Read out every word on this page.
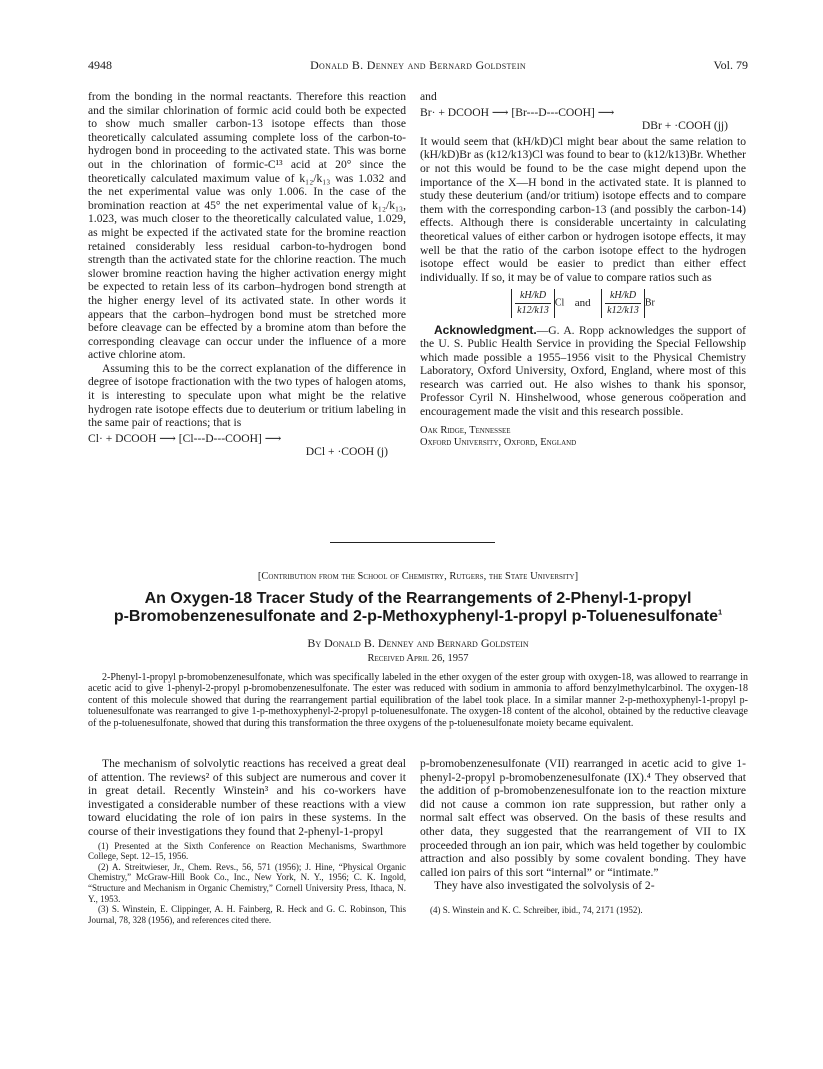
4948	Donald B. Denney and Bernard Goldstein	Vol. 79

from the bonding in the normal reactants. Therefore this reaction and the similar chlorination of formic acid could both be expected to show much smaller carbon-13 isotope effects than those theoretically calculated assuming complete loss of the carbon-to-hydrogen bond in proceeding to the activated state. This was borne out in the chlorination of formic-C¹³ acid at 20° since the theoretically calculated maximum value of k₁₂/k₁₃ was 1.032 and the net experimental value was only 1.006. In the case of the bromination reaction at 45° the net experimental value of k₁₂/k₁₃, 1.023, was much closer to the theoretically calculated value, 1.029, as might be expected if the activated state for the bromine reaction retained considerably less residual carbon-to-hydrogen bond strength than the activated state for the chlorine reaction. The much slower bromine reaction having the higher activation energy might be expected to retain less of its carbon–hydrogen bond strength at the higher energy level of its activated state. In other words it appears that the carbon–hydrogen bond must be stretched more before cleavage can be effected by a bromine atom than before the corresponding cleavage can occur under the influence of a more active chlorine atom.

Assuming this to be the correct explanation of the difference in degree of isotope fractionation with the two types of halogen atoms, it is interesting to speculate upon what might be the relative hydrogen rate isotope effects due to deuterium or tritium labeling in the same pair of reactions; that is

Cl· + DCOOH ⟶ [Cl---D---COOH] ⟶
DCl + ·COOH (j)

and

Br· + DCOOH ⟶ [Br---D---COOH] ⟶
DBr + ·COOH (jj)

It would seem that (kH/kD)Cl might bear about the same relation to (kH/kD)Br as (k12/k13)Cl was found to bear to (k12/k13)Br. Whether or not this would be found to be the case might depend upon the importance of the X—H bond in the activated state. It is planned to study these deuterium (and/or tritium) isotope effects and to compare them with the corresponding carbon-13 (and possibly the carbon-14) effects. Although there is considerable uncertainty in calculating theoretical values of either carbon or hydrogen isotope effects, it may well be that the ratio of the carbon isotope effect to the hydrogen isotope effect would be easier to predict than either effect individually. If so, it may be of value to compare ratios such as

$\frac{kH/kD}{k12/k13}$ Cl and $\frac{kH/kD}{k12/k13}$ Br

Acknowledgment.—G. A. Ropp acknowledges the support of the U. S. Public Health Service in providing the Special Fellowship which made possible a 1955–1956 visit to the Physical Chemistry Laboratory, Oxford University, Oxford, England, where most of this research was carried out. He also wishes to thank his sponsor, Professor Cyril N. Hinshelwood, whose generous coöperation and encouragement made the visit and this research possible.

Oak Ridge, Tennessee
Oxford University, Oxford, England
[Contribution from the School of Chemistry, Rutgers, the State University]
An Oxygen-18 Tracer Study of the Rearrangements of 2-Phenyl-1-propyl
p-Bromobenzenesulfonate and 2-p-Methoxyphenyl-1-propyl p-Toluenesulfonate$^1$
By Donald B. Denney and Bernard Goldstein
Received April 26, 1957

2-Phenyl-1-propyl p-bromobenzenesulfonate, which was specifically labeled in the ether oxygen of the ester group with oxygen-18, was allowed to rearrange in acetic acid to give 1-phenyl-2-propyl p-bromobenzenesulfonate. The ester was reduced with sodium in ammonia to afford benzylmethylcarbinol. The oxygen-18 content of this molecule showed that during the rearrangement partial equilibration of the label took place. In a similar manner 2-p-methoxyphenyl-1-propyl p-toluenesulfonate was rearranged to give 1-p-methoxyphenyl-2-propyl p-toluenesulfonate. The oxygen-18 content of the alcohol, obtained by the reductive cleavage of the p-toluenesulfonate, showed that during this transformation the three oxygens of the p-toluenesulfonate moiety became equivalent.

The mechanism of solvolytic reactions has received a great deal of attention. The reviews² of this subject are numerous and cover it in great detail. Recently Winstein³ and his co-workers have investigated a considerable number of these reactions with a view toward elucidating the role of ion pairs in these systems. In the course of their investigations they found that 2-phenyl-1-propyl

(1) Presented at the Sixth Conference on Reaction Mechanisms, Swarthmore College, Sept. 12–15, 1956.

(2) A. Streitwieser, Jr., Chem. Revs., 56, 571 (1956); J. Hine, “Physical Organic Chemistry,” McGraw-Hill Book Co., Inc., New York, N. Y., 1956; C. K. Ingold, “Structure and Mechanism in Organic Chemistry,” Cornell University Press, Ithaca, N. Y., 1953.

(3) S. Winstein, E. Clippinger, A. H. Fainberg, R. Heck and G. C. Robinson, This Journal, 78, 328 (1956), and references cited there.

p-bromobenzenesulfonate (VII) rearranged in acetic acid to give 1-phenyl-2-propyl p-bromobenzenesulfonate (IX).⁴ They observed that the addition of p-bromobenzenesulfonate ion to the reaction mixture did not cause a common ion rate suppression, but rather only a normal salt effect was observed. On the basis of these results and other data, they suggested that the rearrangement of VII to IX proceeded through an ion pair, which was held together by coulombic attraction and also possibly by some covalent bonding. They have called ion pairs of this sort “internal” or “intimate.”

They have also investigated the solvolysis of 2-

(4) S. Winstein and K. C. Schreiber, ibid., 74, 2171 (1952).
